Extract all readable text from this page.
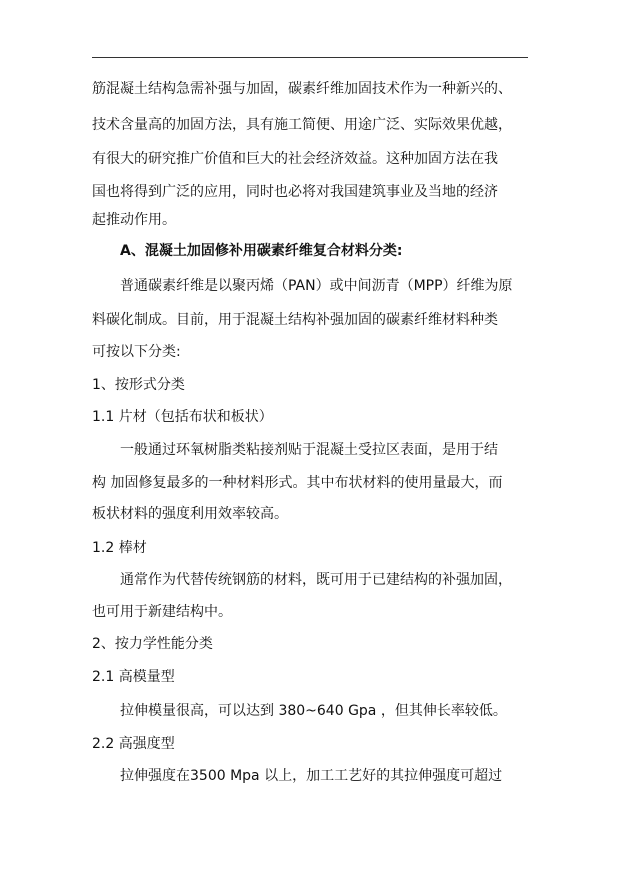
筋混凝土结构急需补强与加固，碳素纤维加固技术作为一种新兴的、
技术含量高的加固方法，具有施工简便、用途广泛、实际效果优越，
有很大的研究推广价值和巨大的社会经济效益。这种加固方法在我
国也将得到广泛的应用，同时也必将对我国建筑事业及当地的经济
起推动作用。
A、混凝土加固修补用碳素纤维复合材料分类:
普通碳素纤维是以聚丙烯（PAN）或中间沥青（MPP）纤维为原
料碳化制成。目前，用于混凝土结构补强加固的碳素纤维材料种类
可按以下分类:
1、按形式分类
1.1 片材（包括布状和板状）
一般通过环氧树脂类粘接剂贴于混凝土受拉区表面，是用于结
构 加固修复最多的一种材料形式。其中布状材料的使用量最大，而
板状材料的强度利用效率较高。
1.2 棒材
通常作为代替传统钢筋的材料，既可用于已建结构的补强加固，
也可用于新建结构中。
2、按力学性能分类
2.1 高模量型
拉伸模量很高，可以达到 380~640 Gpa ，但其伸长率较低。
2.2 高强度型
拉伸强度在3500 Mpa 以上，加工工艺好的其拉伸强度可超过
